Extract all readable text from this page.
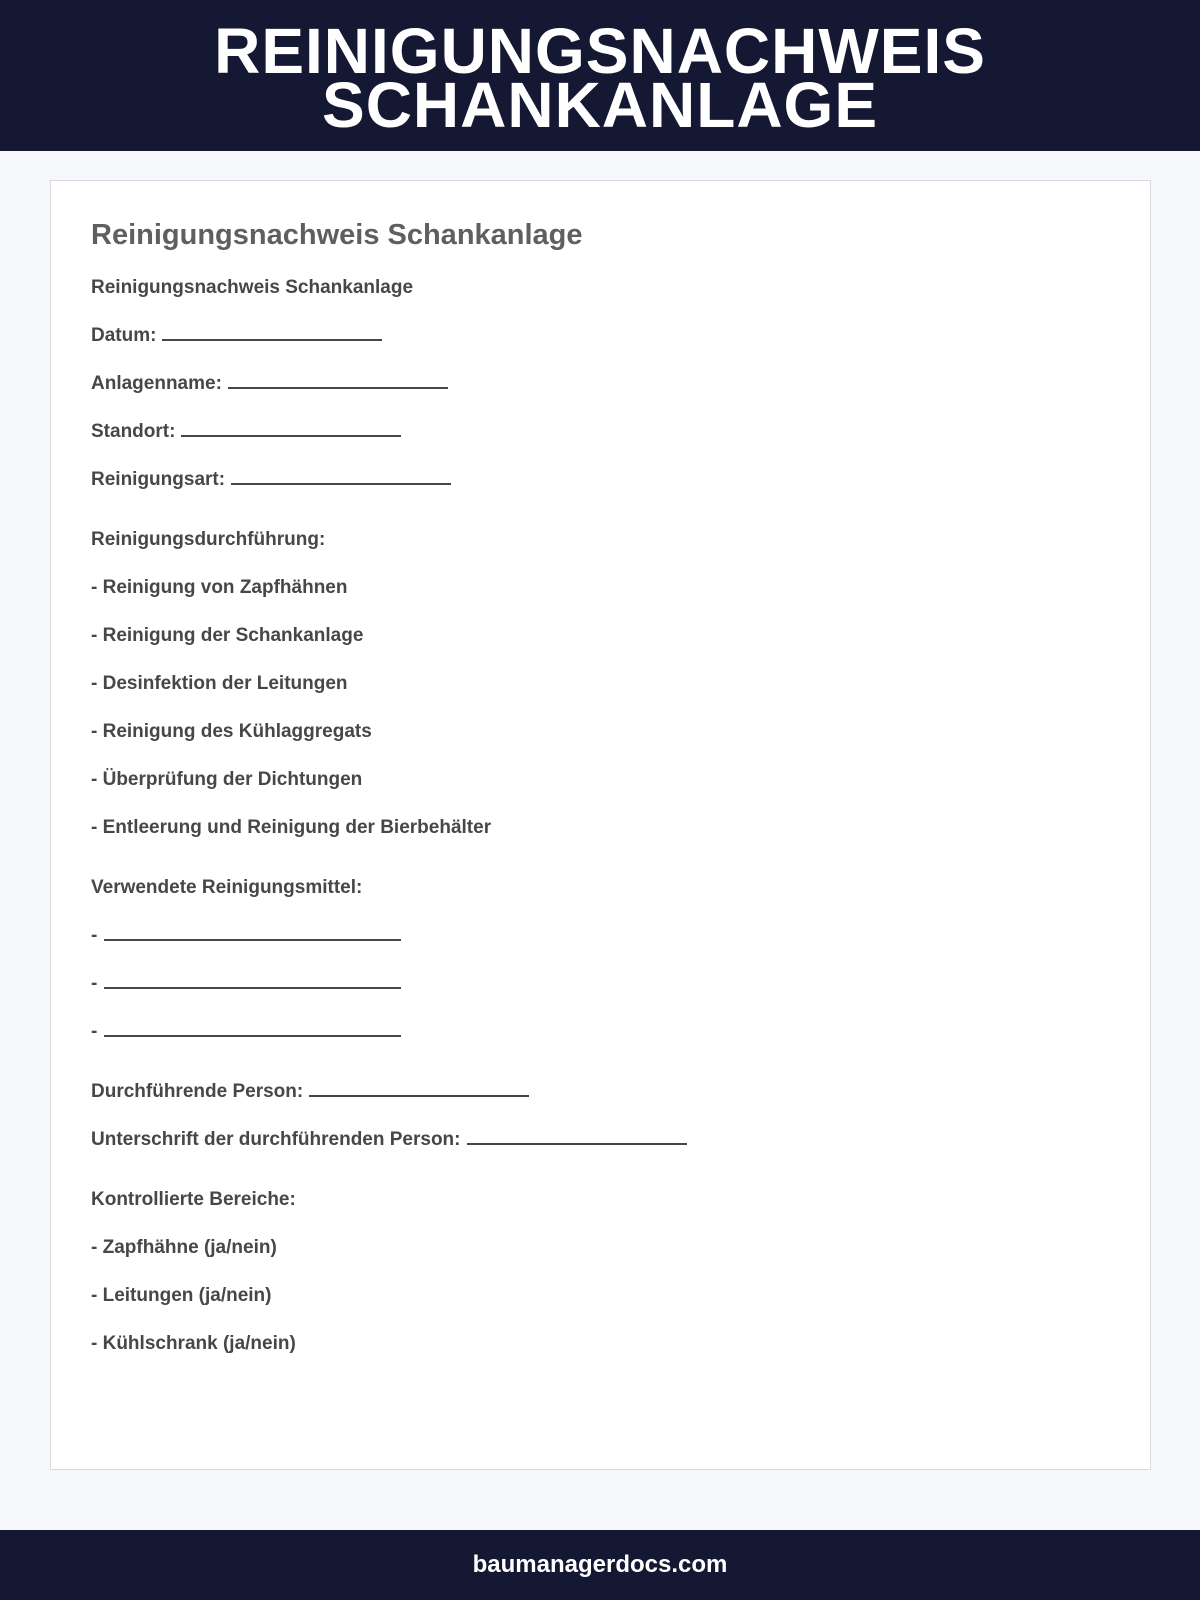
REINIGUNGSNACHWEIS
SCHANKANLAGE
Reinigungsnachweis Schankanlage
Reinigungsnachweis Schankanlage
Datum:
Anlagenname:
Standort:
Reinigungsart:
Reinigungsdurchführung:
- Reinigung von Zapfhähnen
- Reinigung der Schankanlage
- Desinfektion der Leitungen
- Reinigung des Kühlaggregats
- Überprüfung der Dichtungen
- Entleerung und Reinigung der Bierbehälter
Verwendete Reinigungsmittel:
-
-
-
Durchführende Person:
Unterschrift der durchführenden Person:
Kontrollierte Bereiche:
- Zapfhähne (ja/nein)
- Leitungen (ja/nein)
- Kühlschrank (ja/nein)
baumanagerdocs.com
